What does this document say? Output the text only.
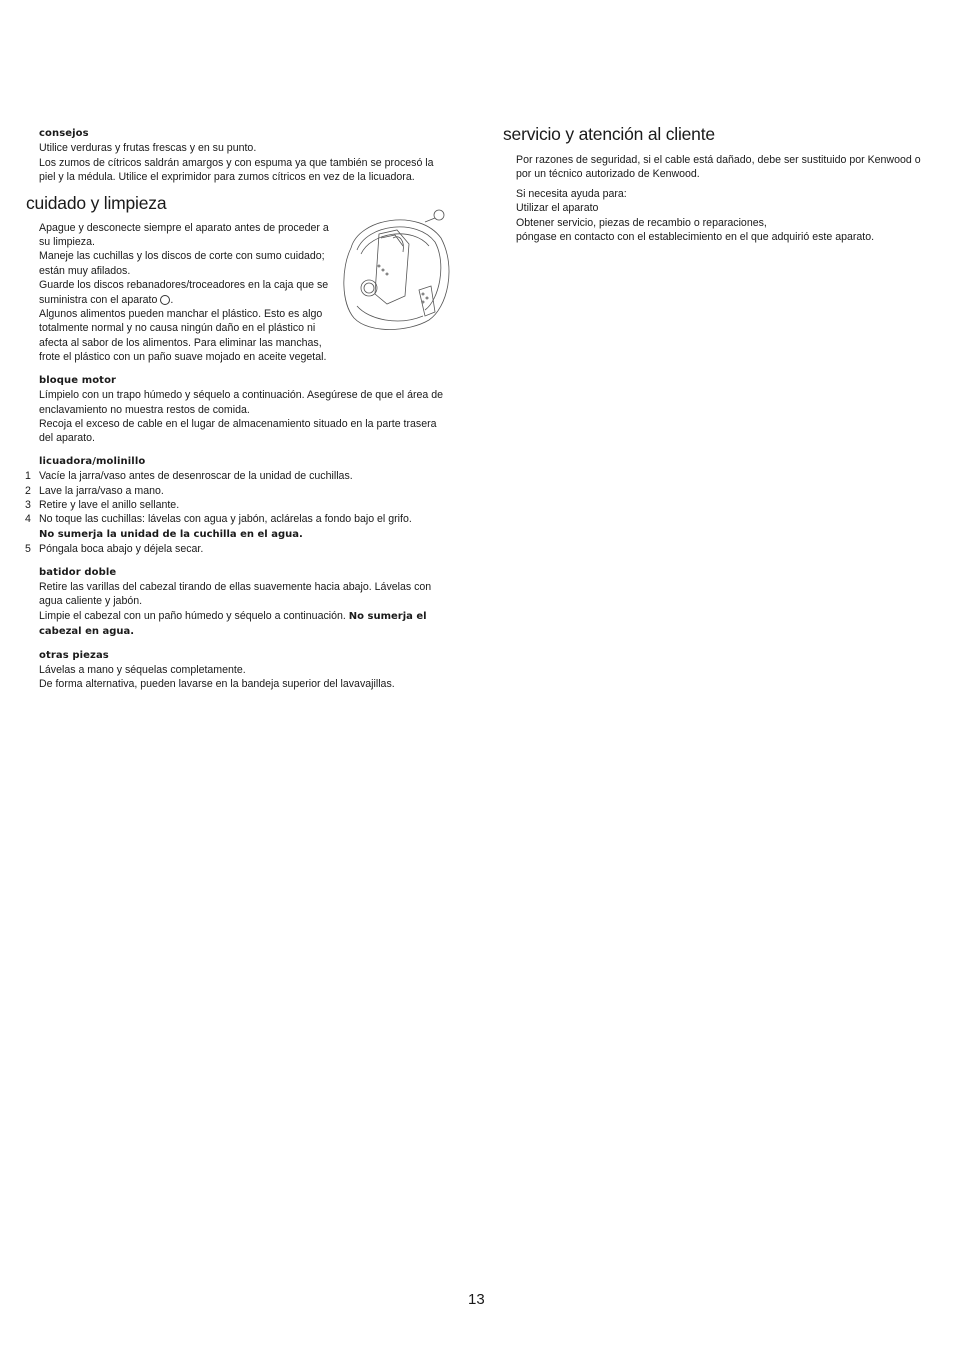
consejos

Utilice verduras y frutas frescas y en su punto.

Los zumos de cítricos saldrán amargos y con espuma ya que también se procesó la piel y la médula. Utilice el exprimidor para zumos cítricos en vez de la licuadora.

cuidado y limpieza

Apague y desconecte siempre el aparato antes de proceder a su limpieza.

Maneje las cuchillas y los discos de corte con sumo cuidado; están muy afilados.

Guarde los discos rebanadores/troceadores en la caja que se suministra con el aparato .

Algunos alimentos pueden manchar el plástico. Esto es algo totalmente normal y no causa ningún daño en el plástico ni afecta al sabor de los alimentos. Para eliminar las manchas, frote el plástico con un paño suave mojado en aceite vegetal.

bloque motor

Límpielo con un trapo húmedo y séquelo a continuación. Asegúrese de que el área de enclavamiento no muestra restos de comida.

Recoja el exceso de cable en el lugar de almacenamiento situado en la parte trasera del aparato.

licuadora/molinillo

1 Vacíe la jarra/vaso antes de desenroscar de la unidad de cuchillas.
2 Lave la jarra/vaso a mano.
3 Retire y lave el anillo sellante.
4 No toque las cuchillas: lávelas con agua y jabón, aclárelas a fondo bajo el grifo.
No sumerja la unidad de la cuchilla en el agua.
5 Póngala boca abajo y déjela secar.

batidor doble

Retire las varillas del cabezal tirando de ellas suavemente hacia abajo. Lávelas con agua caliente y jabón.

Limpie el cabezal con un paño húmedo y séquelo a continuación. No sumerja el cabezal en agua.

otras piezas

Lávelas a mano y séquelas completamente.

De forma alternativa, pueden lavarse en la bandeja superior del lavavajillas.

servicio y atención al cliente

Por razones de seguridad, si el cable está dañado, debe ser sustituido por Kenwood o por un técnico autorizado de Kenwood.

Si necesita ayuda para:

Utilizar el aparato

Obtener servicio, piezas de recambio o reparaciones,

póngase en contacto con el establecimiento en el que adquirió este aparato.

13
